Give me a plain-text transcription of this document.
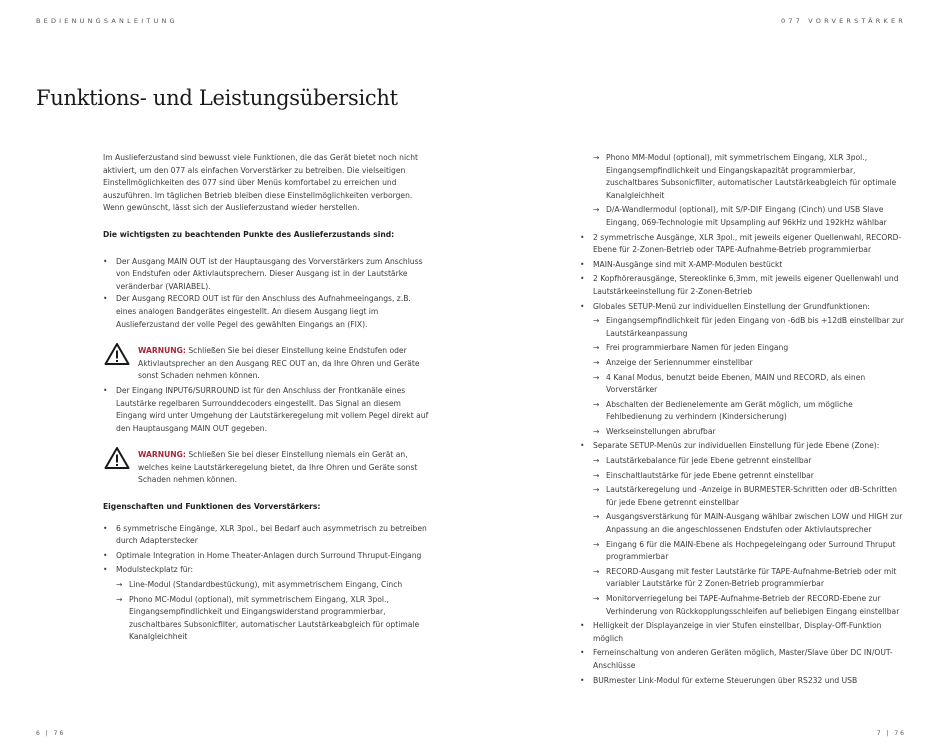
BEDIENUNGSANLEITUNG	077 VORVERSTÄRKER
Funktions- und Leistungsübersicht

Im Auslieferzustand sind bewusst viele Funktionen, die das Gerät bietet noch nicht aktiviert, um den 077 als einfachen Vorverstärker zu betreiben. Die vielseitigen Einstellmöglichkeiten des 077 sind über Menüs komfortabel zu erreichen und auszuführen. Im täglichen Betrieb bleiben diese Einstellmöglichkeiten verborgen. Wenn gewünscht, lässt sich der Auslieferzustand wieder herstellen.

Die wichtigsten zu beachtenden Punkte des Auslieferzustands sind:

• Der Ausgang MAIN OUT ist der Hauptausgang des Vorverstärkers zum Anschluss von Endstufen oder Aktivlautsprechern. Dieser Ausgang ist in der Lautstärke veränderbar (VARIABEL).
• Der Ausgang RECORD OUT ist für den Anschluss des Aufnahmeeingangs, z.B. eines analogen Bandgerätes eingestellt. An diesem Ausgang liegt im Auslieferzustand der volle Pegel des gewählten Eingangs an (FIX).
WARNUNG: Schließen Sie bei dieser Einstellung keine Endstufen oder Aktivlautsprecher an den Ausgang REC OUT an, da Ihre Ohren und Geräte sonst Schaden nehmen können.
• Der Eingang INPUT6/SURROUND ist für den Anschluss der Frontkanäle eines Lautstärke regelbaren Surrounddecoders eingestellt. Das Signal an diesem Eingang wird unter Umgehung der Lautstärkeregelung mit vollem Pegel direkt auf den Hauptausgang MAIN OUT gegeben.
WARNUNG: Schließen Sie bei dieser Einstellung niemals ein Gerät an, welches keine Lautstärkeregelung bietet, da Ihre Ohren und Geräte sonst Schaden nehmen können.

Eigenschaften und Funktionen des Vorverstärkers:

• 6 symmetrische Eingänge, XLR 3pol., bei Bedarf auch asymmetrisch zu betreiben durch Adapterstecker
• Optimale Integration in Home Theater-Anlagen durch Surround Thruput-Eingang
• Modulsteckplatz für:
→ Line-Modul (Standardbestückung), mit asymmetrischem Eingang, Cinch
→ Phono MC-Modul (optional), mit symmetrischem Eingang, XLR 3pol., Eingangsempfindlichkeit und Eingangswiderstand programmierbar, zuschaltbares Subsonicfilter, automatischer Lautstärkeabgleich für optimale Kanalgleichheit
→ Phono MM-Modul (optional), mit symmetrischem Eingang, XLR 3pol., Eingangsempfindlichkeit und Eingangskapazität programmierbar, zuschaltbares Subsonicfilter, automatischer Lautstärkeabgleich für optimale Kanalgleichheit
→ D/A-Wandlermodul (optional), mit S/P-DIF Eingang (Cinch) und USB Slave Eingang, 069-Technologie mit Upsampling auf 96kHz und 192kHz wählbar
• 2 symmetrische Ausgänge, XLR 3pol., mit jeweils eigener Quellenwahl, RECORD-Ebene für 2-Zonen-Betrieb oder TAPE-Aufnahme-Betrieb programmierbar
• MAIN-Ausgänge sind mit X-AMP-Modulen bestückt
• 2 Kopfhörerausgänge, Stereoklinke 6,3mm, mit jeweils eigener Quellenwahl und Lautstärkeeinstellung für 2-Zonen-Betrieb
• Globales SETUP-Menü zur individuellen Einstellung der Grundfunktionen:
→ Eingangsempfindlichkeit für jeden Eingang von -6dB bis +12dB einstellbar zur Lautstärkeanpassung
→ Frei programmierbare Namen für jeden Eingang
→ Anzeige der Seriennummer einstellbar
→ 4 Kanal Modus, benutzt beide Ebenen, MAIN und RECORD, als einen Vorverstärker
→ Abschalten der Bedienelemente am Gerät möglich, um mögliche Fehlbedienung zu verhindern (Kindersicherung)
→ Werkseinstellungen abrufbar
• Separate SETUP-Menüs zur individuellen Einstellung für jede Ebene (Zone):
→ Lautstärkebalance für jede Ebene getrennt einstellbar
→ Einschaltlautstärke für jede Ebene getrennt einstellbar
→ Lautstärkeregelung und -Anzeige in BURMESTER-Schritten oder dB-Schritten für jede Ebene getrennt einstellbar
→ Ausgangsverstärkung für MAIN-Ausgang wählbar zwischen LOW und HIGH zur Anpassung an die angeschlossenen Endstufen oder Aktivlautsprecher
→ Eingang 6 für die MAIN-Ebene als Hochpegeleingang oder Surround Thruput programmierbar
→ RECORD-Ausgang mit fester Lautstärke für TAPE-Aufnahme-Betrieb oder mit variabler Lautstärke für 2 Zonen-Betrieb programmierbar
→ Monitorverriegelung bei TAPE-Aufnahme-Betrieb der RECORD-Ebene zur Verhinderung von Rückkopplungsschleifen auf beliebigen Eingang einstellbar
• Helligkeit der Displayanzeige in vier Stufen einstellbar, Display-Off-Funktion möglich
• Ferneinschaltung von anderen Geräten möglich, Master/Slave über DC IN/OUT-Anschlüsse
• BURmester Link-Modul für externe Steuerungen über RS232 und USB
6 | 76	7 | 76
